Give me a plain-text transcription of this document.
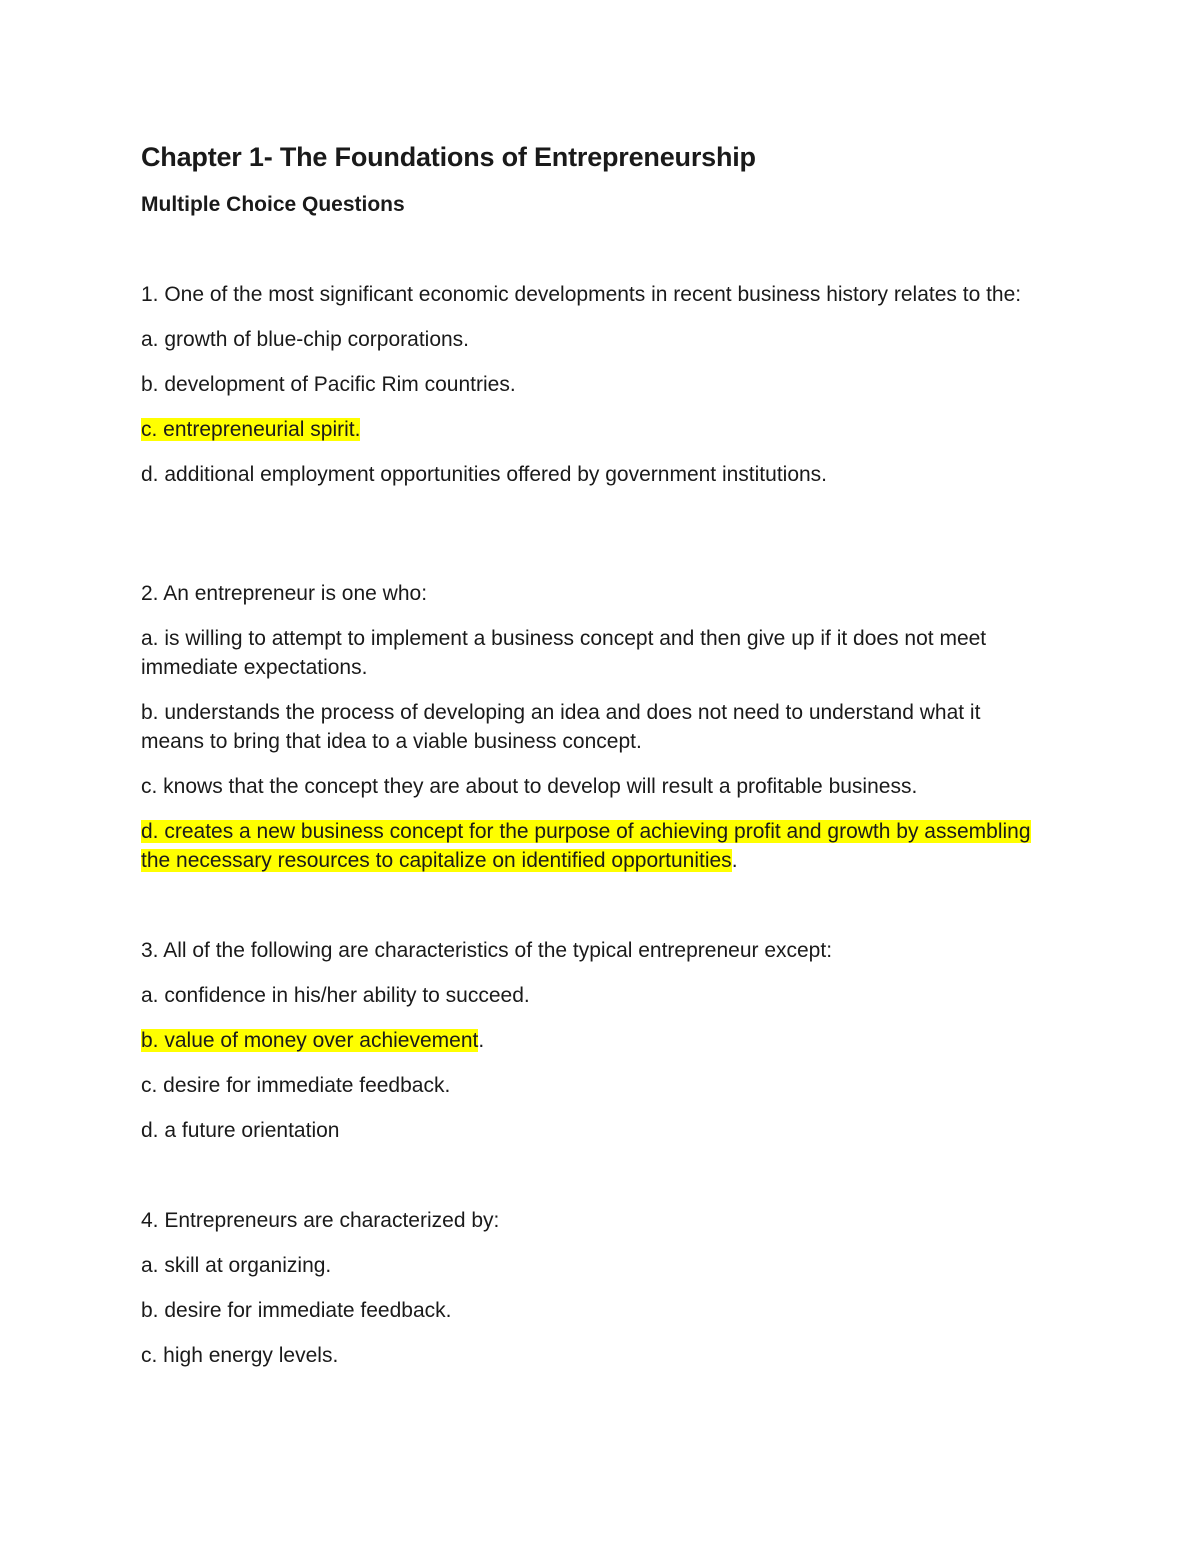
Chapter 1- The Foundations of Entrepreneurship
Multiple Choice Questions

1. One of the most significant economic developments in recent business history relates to the:

a. growth of blue-chip corporations.

b. development of Pacific Rim countries.

c. entrepreneurial spirit.

d. additional employment opportunities offered by government institutions.

2. An entrepreneur is one who:

a. is willing to attempt to implement a business concept and then give up if it does not meet immediate expectations.

b. understands the process of developing an idea and does not need to understand what it means to bring that idea to a viable business concept.

c. knows that the concept they are about to develop will result a profitable business.

d. creates a new business concept for the purpose of achieving profit and growth by assembling the necessary resources to capitalize on identified opportunities.

3. All of the following are characteristics of the typical entrepreneur except:

a. confidence in his/her ability to succeed.

b. value of money over achievement.

c. desire for immediate feedback.

d. a future orientation

4. Entrepreneurs are characterized by:

a. skill at organizing.

b. desire for immediate feedback.

c. high energy levels.
